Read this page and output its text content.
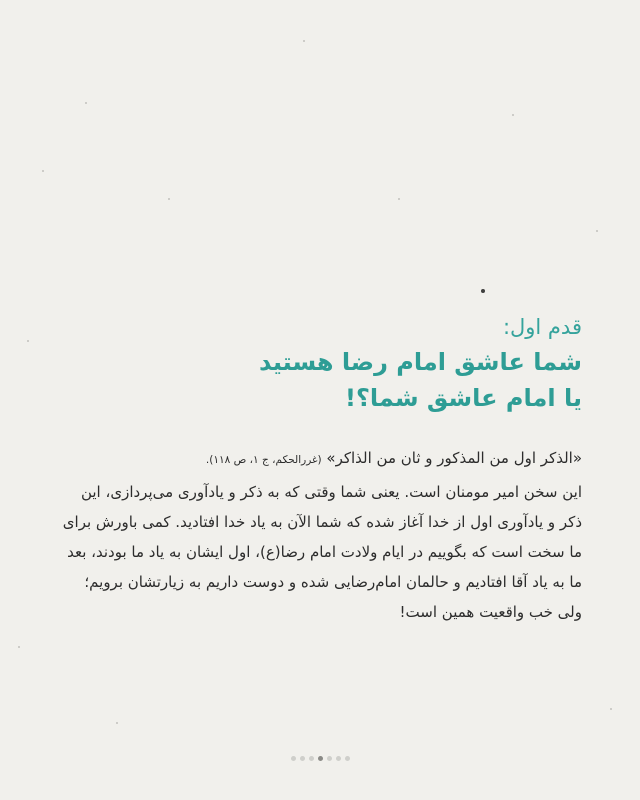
قدم اول:
شما عاشق امام رضا هستید
یا امام عاشق شما؟!
«الذکر اول من المذکور و ثان من الذاکر» (غررالحکم، ج ۱، ص ۱۱۸).

این سخن امیر مومنان است. یعنی شما وقتی که به ذکر و یادآوری می‌پردازی، این ذکر و یادآوری اول از خدا آغاز شده که شما الآن به یاد خدا افتادید. کمی باورش برای ما سخت است که بگوییم در ایام ولادت امام رضا(ع)، اول ایشان به یاد ما بودند، بعد ما به یاد آقا افتادیم و حالمان امام‌رضایی شده و دوست داریم به زیارتشان برویم؛ ولی خب واقعیت همین است!
